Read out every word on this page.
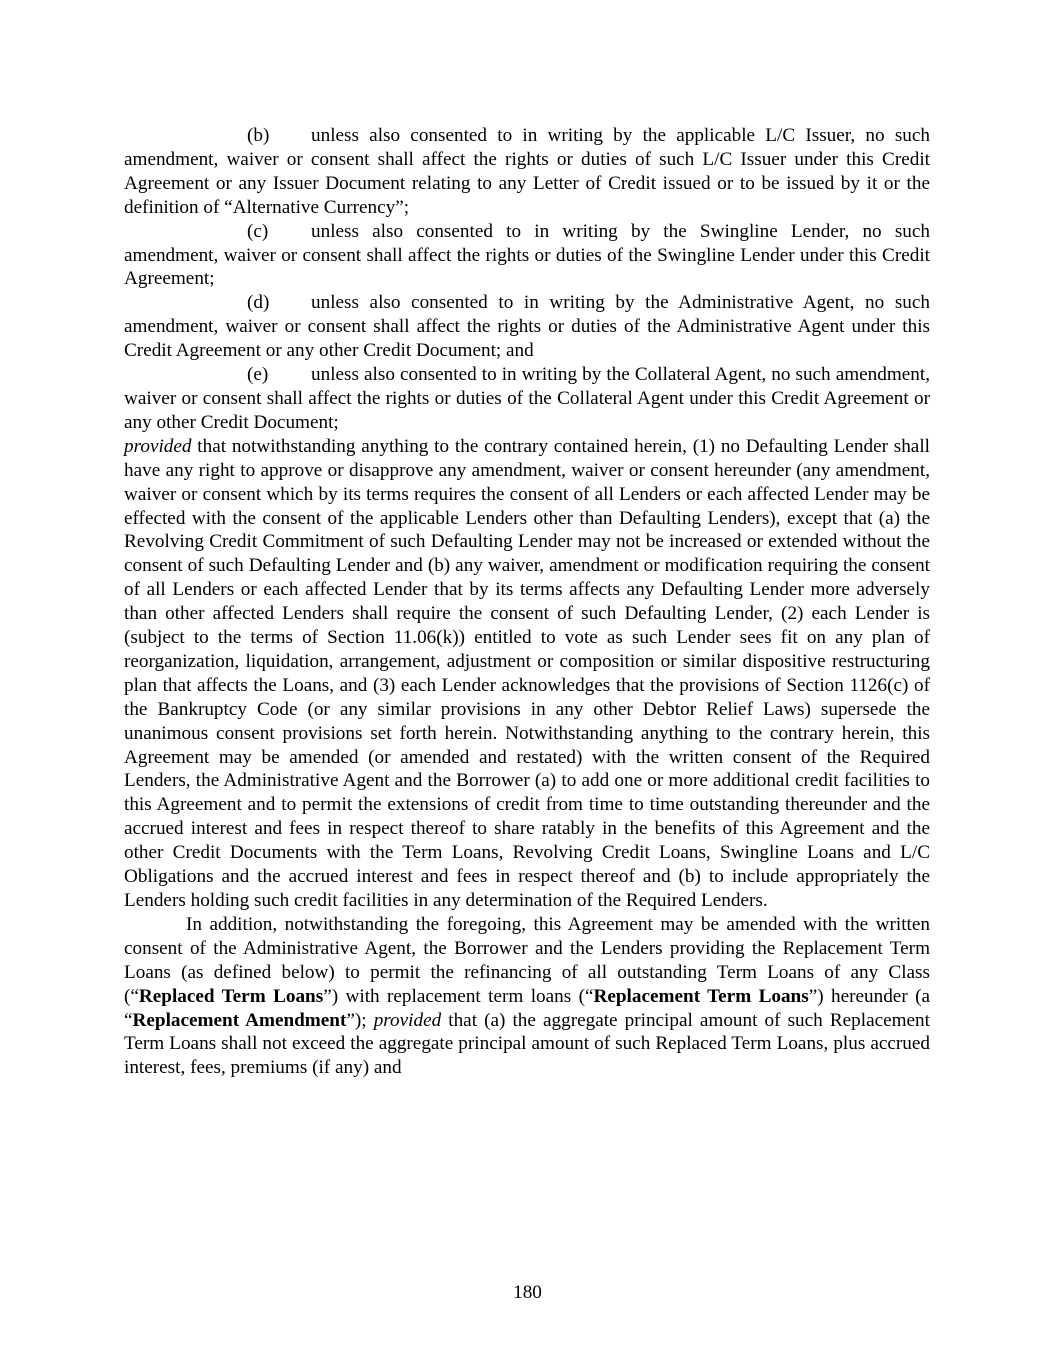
(b) unless also consented to in writing by the applicable L/C Issuer, no such amendment, waiver or consent shall affect the rights or duties of such L/C Issuer under this Credit Agreement or any Issuer Document relating to any Letter of Credit issued or to be issued by it or the definition of “Alternative Currency”;

(c) unless also consented to in writing by the Swingline Lender, no such amendment, waiver or consent shall affect the rights or duties of the Swingline Lender under this Credit Agreement;

(d) unless also consented to in writing by the Administrative Agent, no such amendment, waiver or consent shall affect the rights or duties of the Administrative Agent under this Credit Agreement or any other Credit Document; and

(e) unless also consented to in writing by the Collateral Agent, no such amendment, waiver or consent shall affect the rights or duties of the Collateral Agent under this Credit Agreement or any other Credit Document;

provided that notwithstanding anything to the contrary contained herein, (1) no Defaulting Lender shall have any right to approve or disapprove any amendment, waiver or consent hereunder (any amendment, waiver or consent which by its terms requires the consent of all Lenders or each affected Lender may be effected with the consent of the applicable Lenders other than Defaulting Lenders), except that (a) the Revolving Credit Commitment of such Defaulting Lender may not be increased or extended without the consent of such Defaulting Lender and (b) any waiver, amendment or modification requiring the consent of all Lenders or each affected Lender that by its terms affects any Defaulting Lender more adversely than other affected Lenders shall require the consent of such Defaulting Lender, (2) each Lender is (subject to the terms of Section 11.06(k)) entitled to vote as such Lender sees fit on any plan of reorganization, liquidation, arrangement, adjustment or composition or similar dispositive restructuring plan that affects the Loans, and (3) each Lender acknowledges that the provisions of Section 1126(c) of the Bankruptcy Code (or any similar provisions in any other Debtor Relief Laws) supersede the unanimous consent provisions set forth herein. Notwithstanding anything to the contrary herein, this Agreement may be amended (or amended and restated) with the written consent of the Required Lenders, the Administrative Agent and the Borrower (a) to add one or more additional credit facilities to this Agreement and to permit the extensions of credit from time to time outstanding thereunder and the accrued interest and fees in respect thereof to share ratably in the benefits of this Agreement and the other Credit Documents with the Term Loans, Revolving Credit Loans, Swingline Loans and L/C Obligations and the accrued interest and fees in respect thereof and (b) to include appropriately the Lenders holding such credit facilities in any determination of the Required Lenders.

In addition, notwithstanding the foregoing, this Agreement may be amended with the written consent of the Administrative Agent, the Borrower and the Lenders providing the Replacement Term Loans (as defined below) to permit the refinancing of all outstanding Term Loans of any Class (“Replaced Term Loans”) with replacement term loans (“Replacement Term Loans”) hereunder (a “Replacement Amendment”); provided that (a) the aggregate principal amount of such Replacement Term Loans shall not exceed the aggregate principal amount of such Replaced Term Loans, plus accrued interest, fees, premiums (if any) and

180
